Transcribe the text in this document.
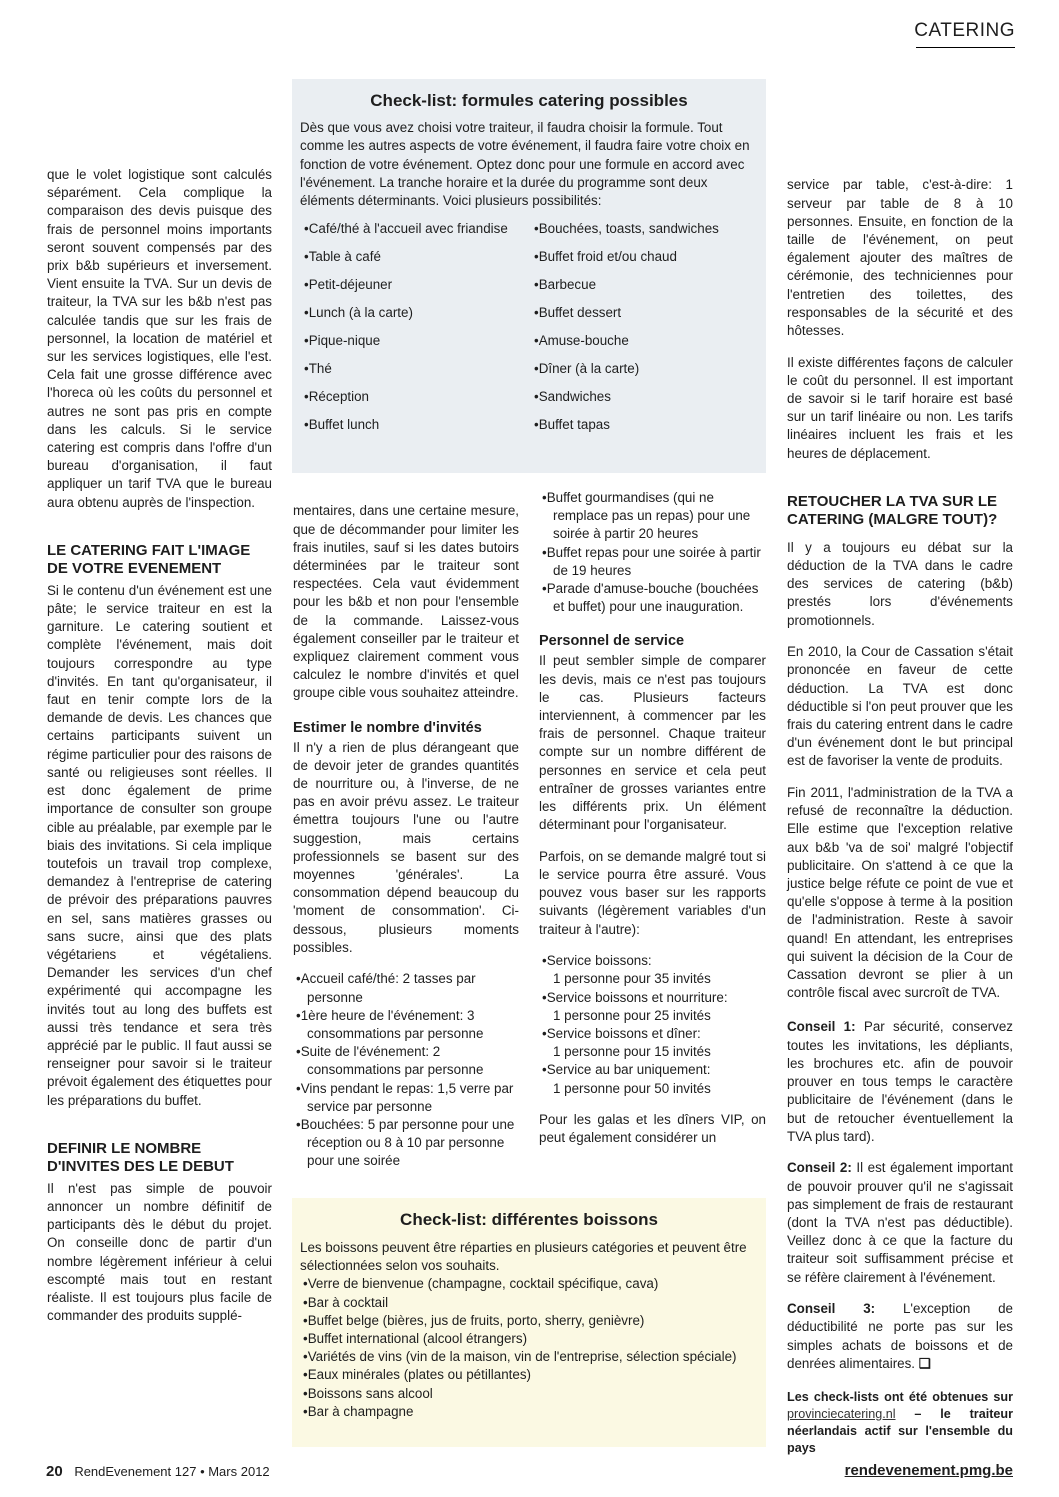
CATERING
Check-list: formules catering possibles
Dès que vous avez choisi votre traiteur, il faudra choisir la formule. Tout comme les autres aspects de votre événement, il faudra faire votre choix en fonction de votre événement. Optez donc pour une formule en accord avec l'événement. La tranche horaire et la durée du programme sont deux éléments déterminants. Voici plusieurs possibilités:
• Café/thé à l'accueil avec friandise
• Table à café
• Petit-déjeuner
• Lunch (à la carte)
• Pique-nique
• Thé
• Réception
• Buffet lunch
• Bouchées, toasts, sandwiches
• Buffet froid et/ou chaud
• Barbecue
• Buffet dessert
• Amuse-bouche
• Dîner (à la carte)
• Sandwiches
• Buffet tapas

que le volet logistique sont calculés séparément. Cela complique la comparaison des devis puisque des frais de personnel moins importants seront souvent compensés par des prix b&b supérieurs et inversement. Vient ensuite la TVA. Sur un devis de traiteur, la TVA sur les b&b n'est pas calculée tandis que sur les frais de personnel, la location de matériel et sur les services logistiques, elle l'est. Cela fait une grosse différence avec l'horeca où les coûts du personnel et autres ne sont pas pris en compte dans les calculs. Si le service catering est compris dans l'offre d'un bureau d'organisation, il faut appliquer un tarif TVA que le bureau aura obtenu auprès de l'inspection.

LE CATERING FAIT L'IMAGE DE VOTRE EVENEMENT

Si le contenu d'un événement est une pâte; le service traiteur en est la garniture. Le catering soutient et complète l'événement, mais doit toujours correspondre au type d'invités. En tant qu'organisateur, il faut en tenir compte lors de la demande de devis. Les chances que certains participants suivent un régime particulier pour des raisons de santé ou religieuses sont réelles. Il est donc également de prime importance de consulter son groupe cible au préalable, par exemple par le biais des invitations. Si cela implique toutefois un travail trop complexe, demandez à l'entreprise de catering de prévoir des préparations pauvres en sel, sans matières grasses ou sans sucre, ainsi que des plats végétariens et végétaliens. Demander les services d'un chef expérimenté qui accompagne les invités tout au long des buffets est aussi très tendance et sera très apprécié par le public. Il faut aussi se renseigner pour savoir si le traiteur prévoit également des étiquettes pour les préparations du buffet.

DEFINIR LE NOMBRE D'INVITES DES LE DEBUT

Il n'est pas simple de pouvoir annoncer un nombre définitif de participants dès le début du projet. On conseille donc de partir d'un nombre légèrement inférieur à celui escompté mais tout en restant réaliste. Il est toujours plus facile de commander des produits supplé-

mentaires, dans une certaine mesure, que de décommander pour limiter les frais inutiles, sauf si les dates butoirs déterminées par le traiteur sont respectées. Cela vaut évidemment pour les b&b et non pour l'ensemble de la commande. Laissez-vous également conseiller par le traiteur et expliquez clairement comment vous calculez le nombre d'invités et quel groupe cible vous souhaitez atteindre.

Estimer le nombre d'invités

Il n'y a rien de plus dérangeant que de devoir jeter de grandes quantités de nourriture ou, à l'inverse, de ne pas en avoir prévu assez. Le traiteur émettra toujours l'une ou l'autre suggestion, mais certains professionnels se basent sur des moyennes 'générales'. La consommation dépend beaucoup du 'moment de consommation'. Ci-dessous, plusieurs moments possibles.

• Accueil café/thé: 2 tasses par personne
• 1ère heure de l'événement: 3 consommations par personne
• Suite de l'événement: 2 consommations par personne
• Vins pendant le repas: 1,5 verre par service par personne
• Bouchées: 5 par personne pour une réception ou 8 à 10 par personne pour une soirée
• Buffet gourmandises (qui ne remplace pas un repas) pour une soirée à partir 20 heures
• Buffet repas pour une soirée à partir de 19 heures
• Parade d'amuse-bouche (bouchées et buffet) pour une inauguration.

Personnel de service

Il peut sembler simple de comparer les devis, mais ce n'est pas toujours le cas. Plusieurs facteurs interviennent, à commencer par les frais de personnel. Chaque traiteur compte sur un nombre différent de personnes en service et cela peut entraîner de grosses variantes entre les différents prix. Un élément déterminant pour l'organisateur.

Parfois, on se demande malgré tout si le service pourra être assuré. Vous pouvez vous baser sur les rapports suivants (légèrement variables d'un traiteur à l'autre):

• Service boissons:
1 personne pour 35 invités
• Service boissons et nourriture:
1 personne pour 25 invités
• Service boissons et dîner:
1 personne pour 15 invités
• Service au bar uniquement:
1 personne pour 50 invités

Pour les galas et les dîners VIP, on peut également considérer un

service par table, c'est-à-dire: 1 serveur par table de 8 à 10 personnes. Ensuite, en fonction de la taille de l'événement, on peut également ajouter des maîtres de cérémonie, des techniciennes pour l'entretien des toilettes, des responsables de la sécurité et des hôtesses.

Il existe différentes façons de calculer le coût du personnel. Il est important de savoir si le tarif horaire est basé sur un tarif linéaire ou non. Les tarifs linéaires incluent les frais et les heures de déplacement.

RETOUCHER LA TVA SUR LE CATERING (MALGRE TOUT)?

Il y a toujours eu débat sur la déduction de la TVA dans le cadre des services de catering (b&b) prestés lors d'événements promotionnels.

En 2010, la Cour de Cassation s'était prononcée en faveur de cette déduction. La TVA est donc déductible si l'on peut prouver que les frais du catering entrent dans le cadre d'un événement dont le but principal est de favoriser la vente de produits.

Fin 2011, l'administration de la TVA a refusé de reconnaître la déduction. Elle estime que l'exception relative aux b&b 'va de soi' malgré l'objectif publicitaire. On s'attend à ce que la justice belge réfute ce point de vue et qu'elle s'oppose à terme à la position de l'administration. Reste à savoir quand! En attendant, les entreprises qui suivent la décision de la Cour de Cassation devront se plier à un contrôle fiscal avec surcroît de TVA.

Conseil 1: Par sécurité, conservez toutes les invitations, les dépliants, les brochures etc. afin de pouvoir prouver en tous temps le caractère publicitaire de l'événement (dans le but de retoucher éventuellement la TVA plus tard).

Conseil 2: Il est également important de pouvoir prouver qu'il ne s'agissait pas simplement de frais de restaurant (dont la TVA n'est pas déductible). Veillez donc à ce que la facture du traiteur soit suffisamment précise et se réfère clairement à l'événement.

Conseil 3: L'exception de déductibilité ne porte pas sur les simples achats de boissons et de denrées alimentaires. ❏

Les check-lists ont été obtenues sur provinciecatering.nl – le traiteur néerlandais actif sur l'ensemble du pays

Check-list: différentes boissons
Les boissons peuvent être réparties en plusieurs catégories et peuvent être sélectionnées selon vos souhaits.
• Verre de bienvenue (champagne, cocktail spécifique, cava)
• Bar à cocktail
• Buffet belge (bières, jus de fruits, porto, sherry, genièvre)
• Buffet international (alcool étrangers)
• Variétés de vins (vin de la maison, vin de l'entreprise, sélection spéciale)
• Eaux minérales (plates ou pétillantes)
• Boissons sans alcool
• Bar à champagne
20 RendEvenement 127 • Mars 2012	rendevenement.pmg.be
